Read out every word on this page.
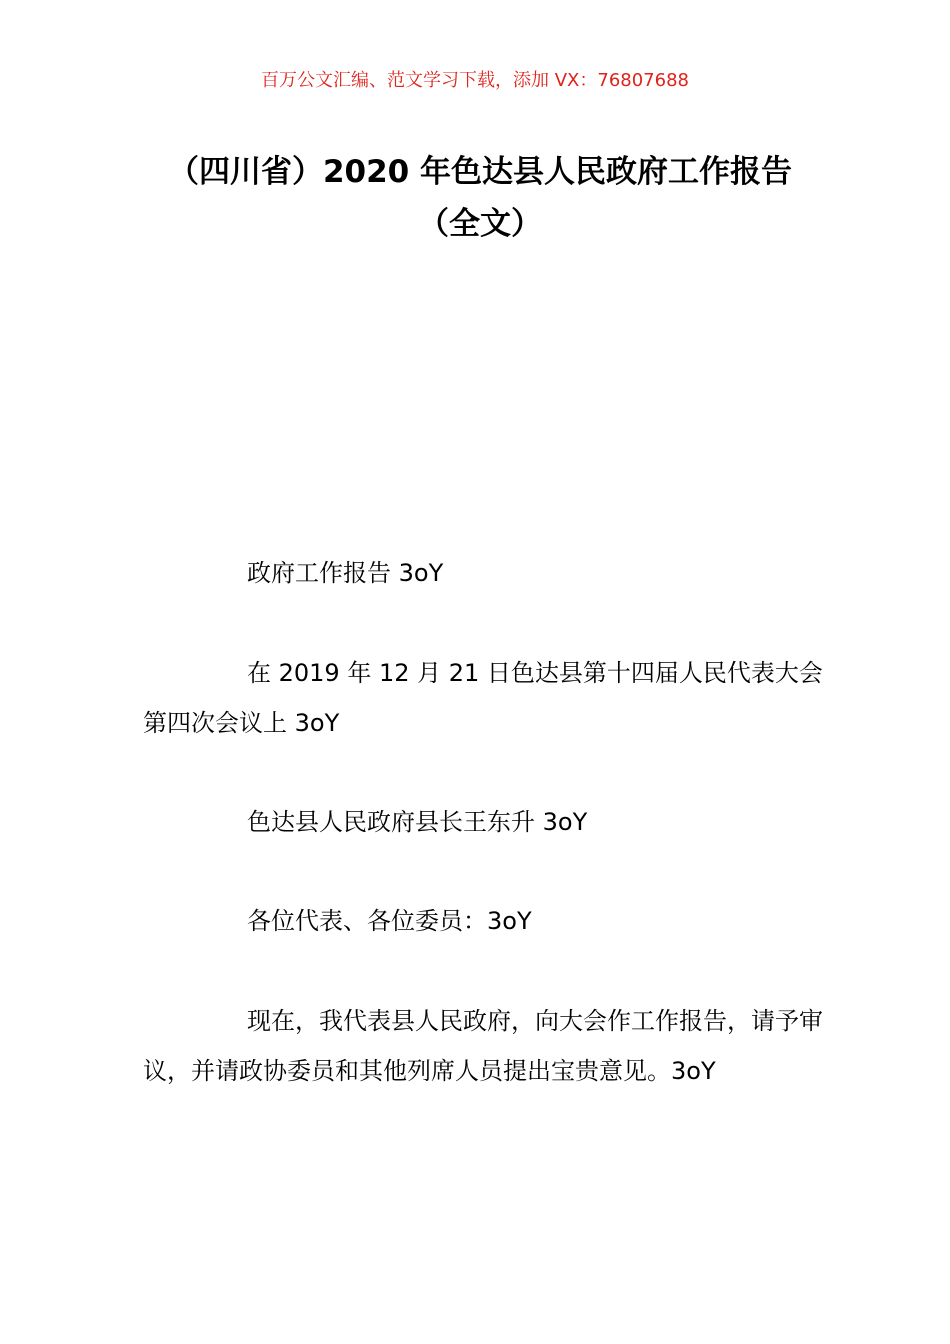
百万公文汇编、范文学习下载，添加 VX：76807688
（四川省）2020 年色达县人民政府工作报告（全文）
政府工作报告 3oY
在 2019 年 12 月 21 日色达县第十四届人民代表大会第四次会议上 3oY
色达县人民政府县长王东升 3oY
各位代表、各位委员：3oY
现在，我代表县人民政府，向大会作工作报告，请予审议，并请政协委员和其他列席人员提出宝贵意见。3oY
